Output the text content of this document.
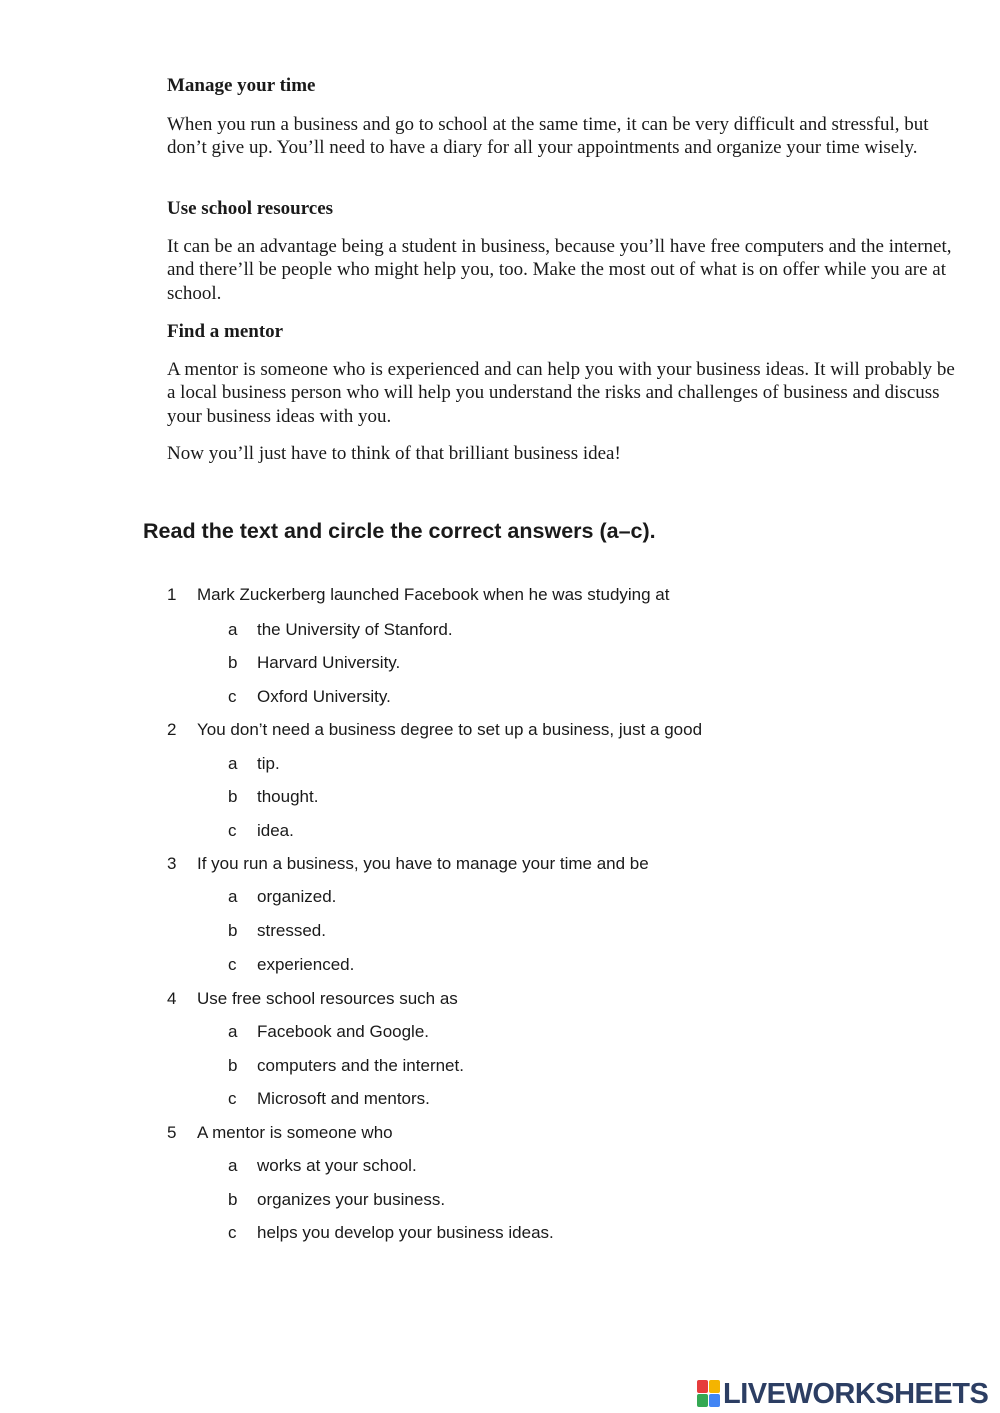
Manage your time

When you run a business and go to school at the same time, it can be very difficult and stressful, but don’t give up. You’ll need to have a diary for all your appointments and organize your time wisely.

Use school resources

It can be an advantage being a student in business, because you’ll have free computers and the internet, and there’ll be people who might help you, too. Make the most out of what is on offer while you are at school.

Find a mentor

A mentor is someone who is experienced and can help you with your business ideas. It will probably be a local business person who will help you understand the risks and challenges of business and discuss your business ideas with you.

Now you’ll just have to think of that brilliant business idea!

Read the text and circle the correct answers (a–c).
1 Mark Zuckerberg launched Facebook when he was studying at
a the University of Stanford.
b Harvard University.
c Oxford University.
2 You don’t need a business degree to set up a business, just a good
a tip.
b thought.
c idea.
3 If you run a business, you have to manage your time and be
a organized.
b stressed.
c experienced.
4 Use free school resources such as
a Facebook and Google.
b computers and the internet.
c Microsoft and mentors.
5 A mentor is someone who
a works at your school.
b organizes your business.
c helps you develop your business ideas.
LIVEWORKSHEETS
